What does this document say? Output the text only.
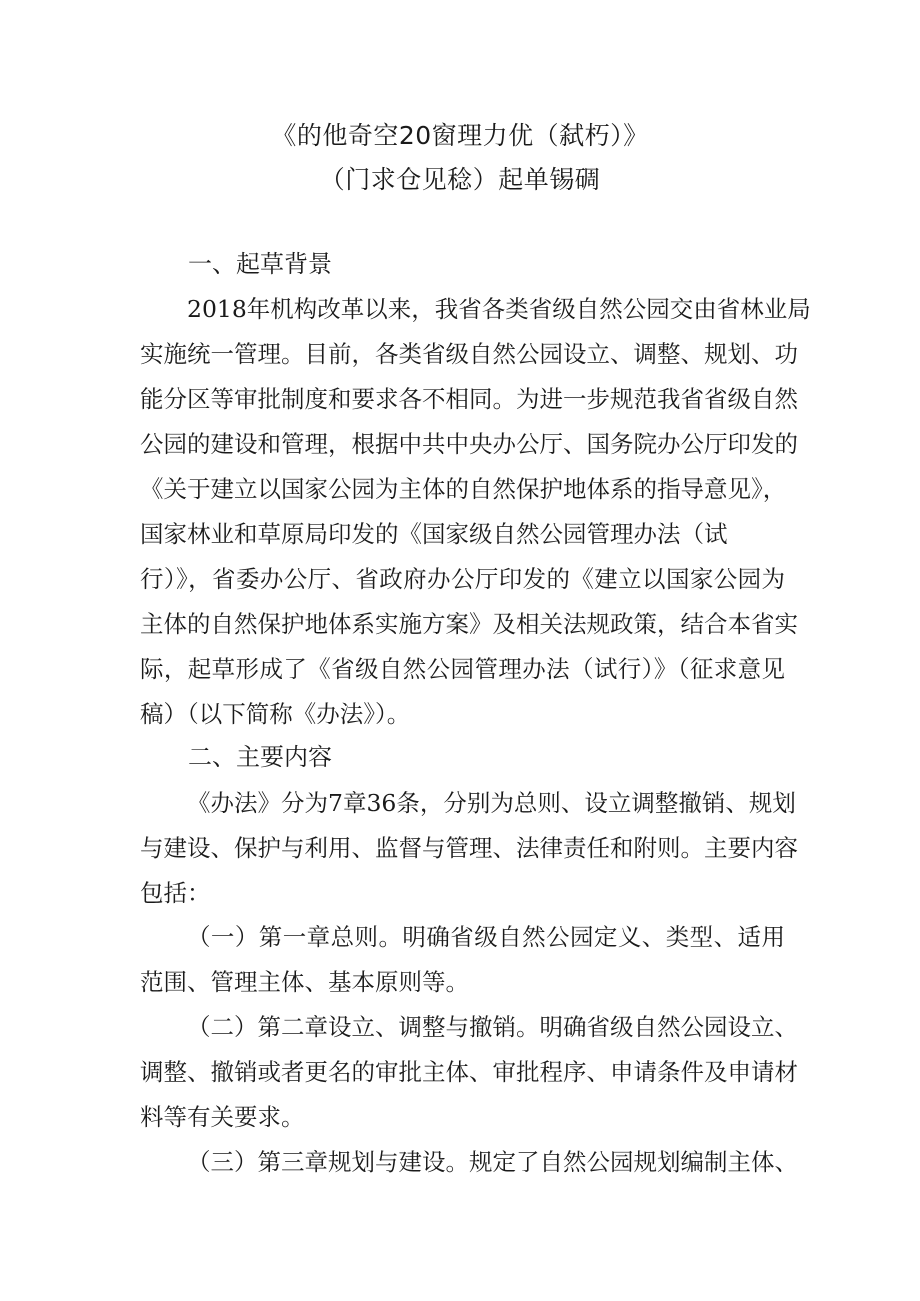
《的他奇空20窗理力优（弑朽）》
（门求仓见稔）起单锡碉
一、起草背景
2018年机构改革以来，我省各类省级自然公园交由省林业局
实施统一管理。目前，各类省级自然公园设立、调整、规划、功
能分区等审批制度和要求各不相同。为进一步规范我省省级自然
公园的建设和管理，根据中共中央办公厅、国务院办公厅印发的
《关于建立以国家公园为主体的自然保护地体系的指导意见》，
国家林业和草原局印发的《国家级自然公园管理办法（试
行）》，省委办公厅、省政府办公厅印发的《建立以国家公园为
主体的自然保护地体系实施方案》及相关法规政策，结合本省实
际，起草形成了《省级自然公园管理办法（试行）》（征求意见
稿）（以下简称《办法》）。
二、主要内容
《办法》分为7章36条，分别为总则、设立调整撤销、规划
与建设、保护与利用、监督与管理、法律责任和附则。主要内容
包括：
（一）第一章总则。明确省级自然公园定义、类型、适用
范围、管理主体、基本原则等。
（二）第二章设立、调整与撤销。明确省级自然公园设立、
调整、撤销或者更名的审批主体、审批程序、申请条件及申请材
料等有关要求。
（三）第三章规划与建设。规定了自然公园规划编制主体、
